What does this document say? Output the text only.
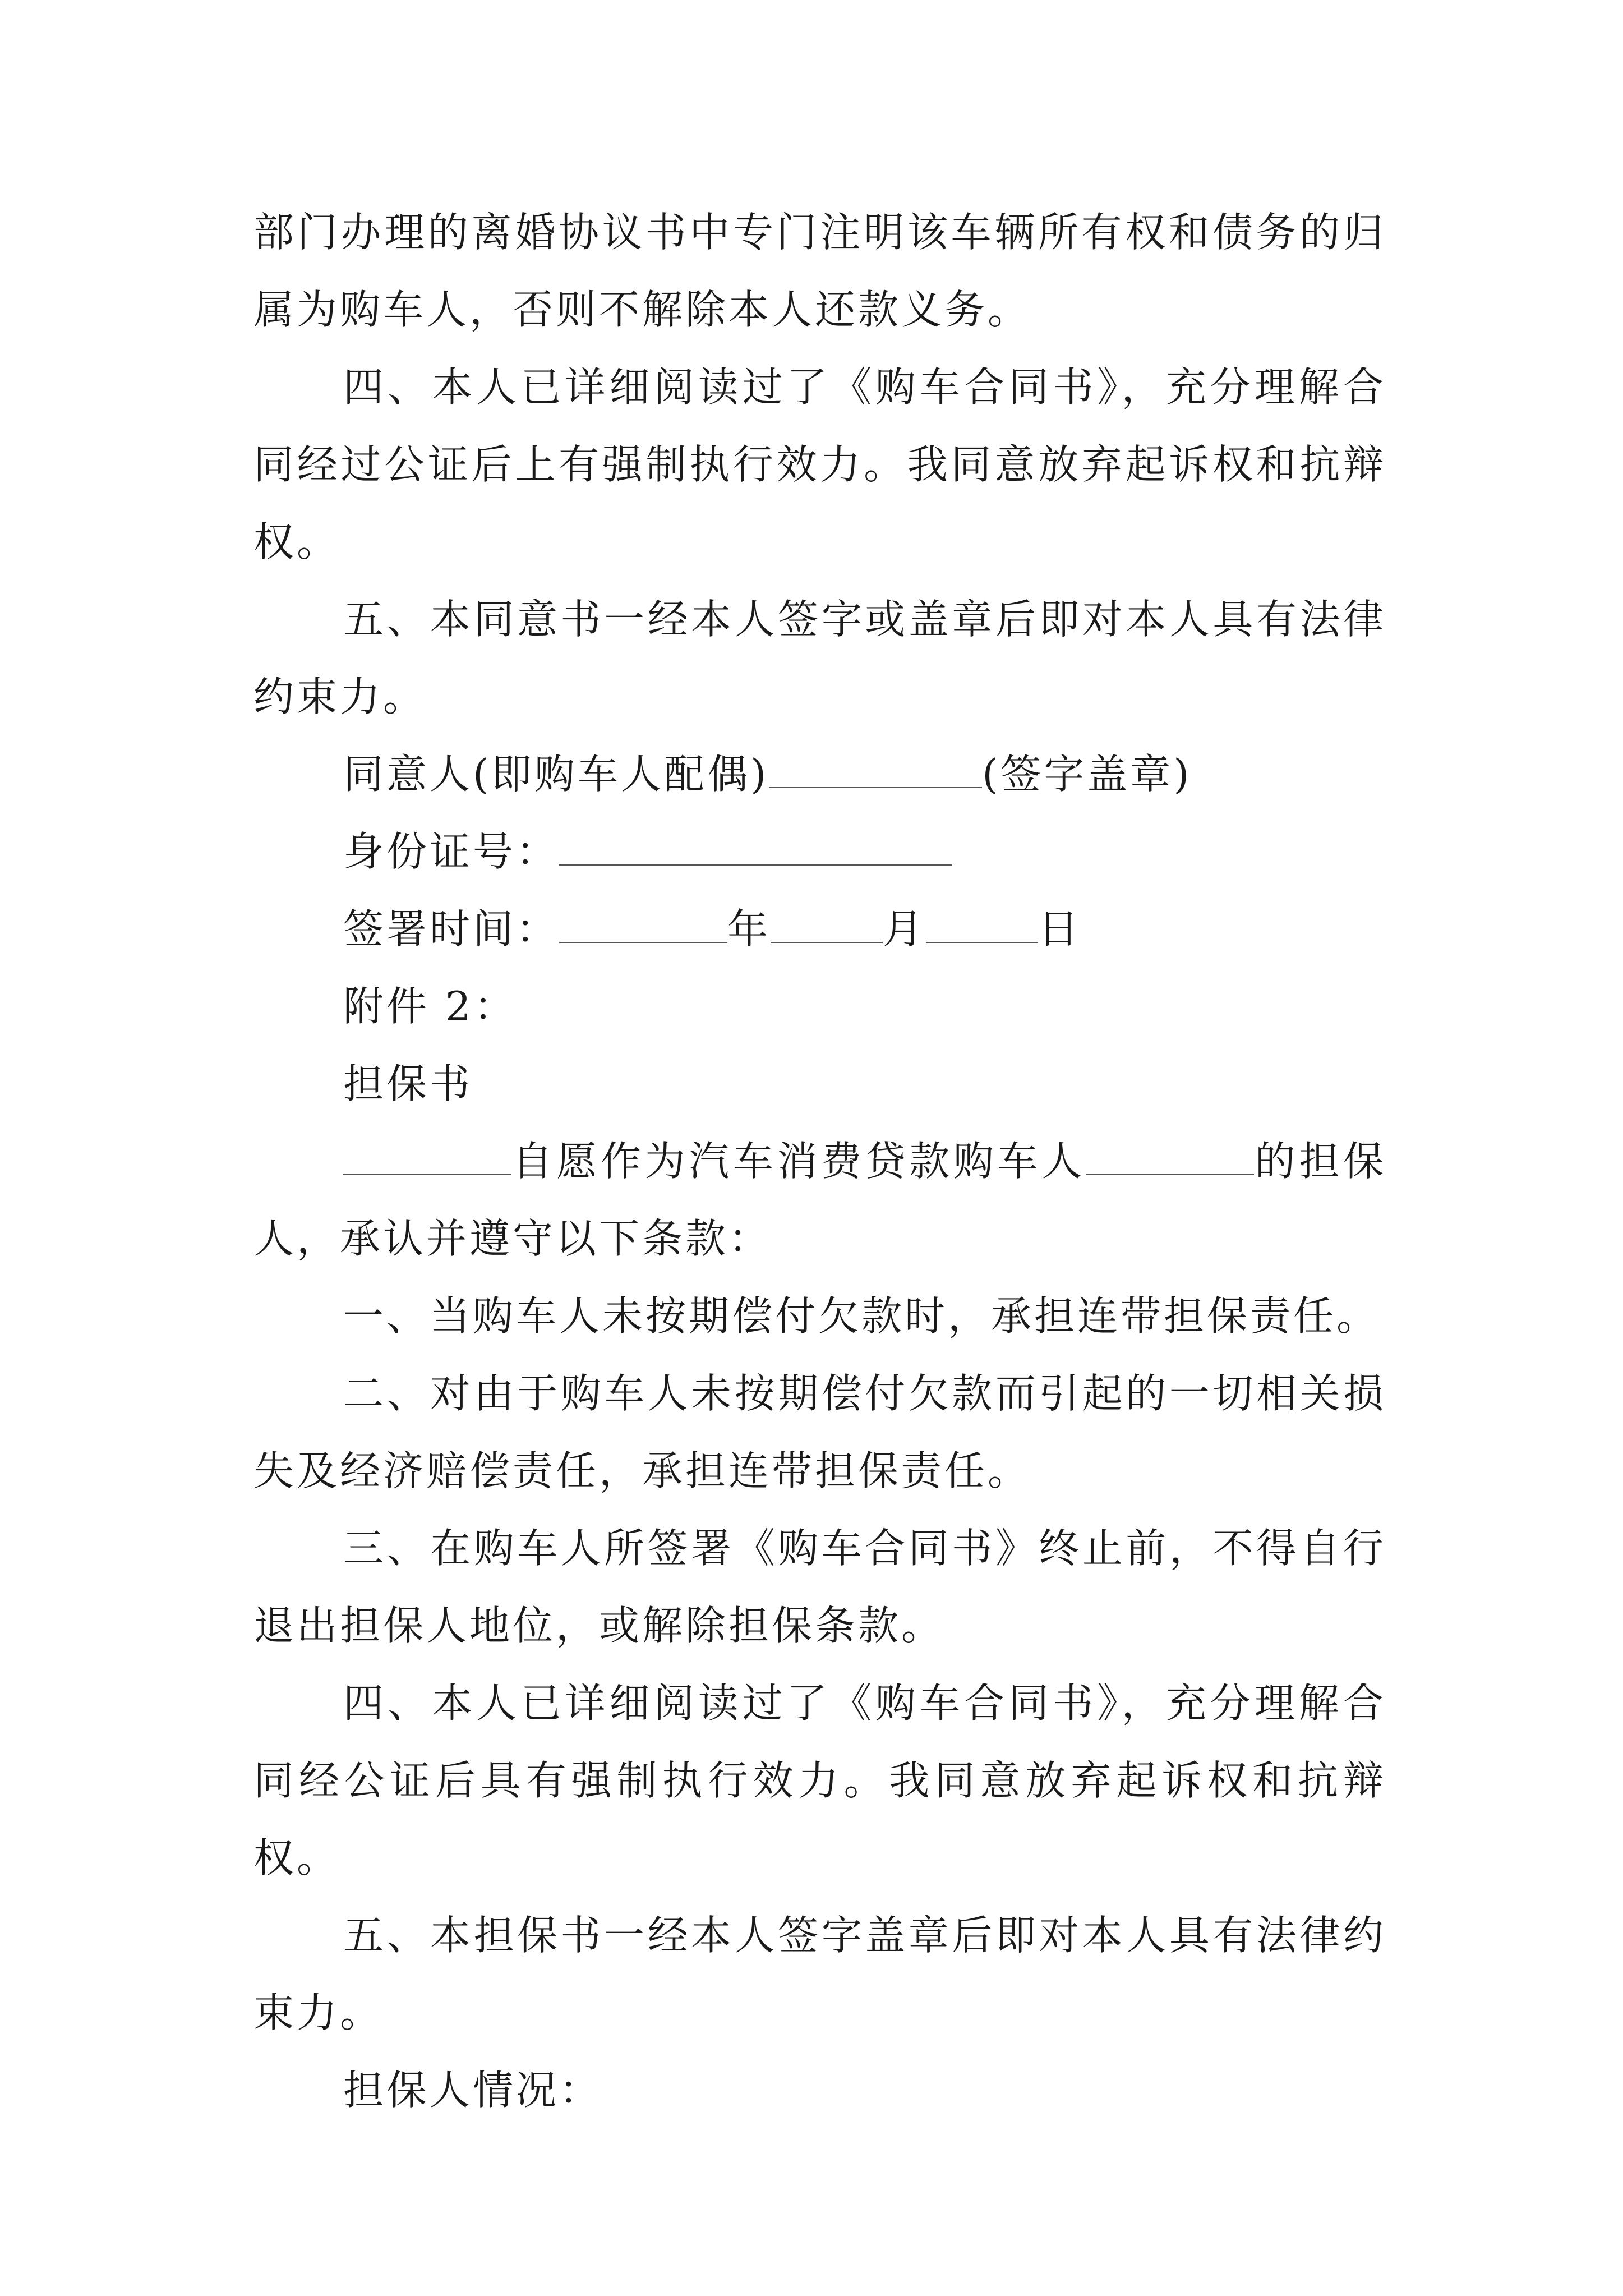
部门办理的离婚协议书中专门注明该车辆所有权和债务的归属为购车人，否则不解除本人还款义务。

四、本人已详细阅读过了《购车合同书》，充分理解合同经过公证后上有强制执行效力。我同意放弃起诉权和抗辩权。

五、本同意书一经本人签字或盖章后即对本人具有法律约束力。

同意人(即购车人配偶)	(签字盖章)

身份证号：

签署时间：	年	月	日

附件 2：

担保书

自愿作为汽车消费贷款购车人	的担保人，承认并遵守以下条款：

一、当购车人未按期偿付欠款时，承担连带担保责任。

二、对由于购车人未按期偿付欠款而引起的一切相关损失及经济赔偿责任，承担连带担保责任。

三、在购车人所签署《购车合同书》终止前，不得自行退出担保人地位，或解除担保条款。

四、本人已详细阅读过了《购车合同书》，充分理解合同经公证后具有强制执行效力。我同意放弃起诉权和抗辩权。

五、本担保书一经本人签字盖章后即对本人具有法律约束力。

担保人情况：
